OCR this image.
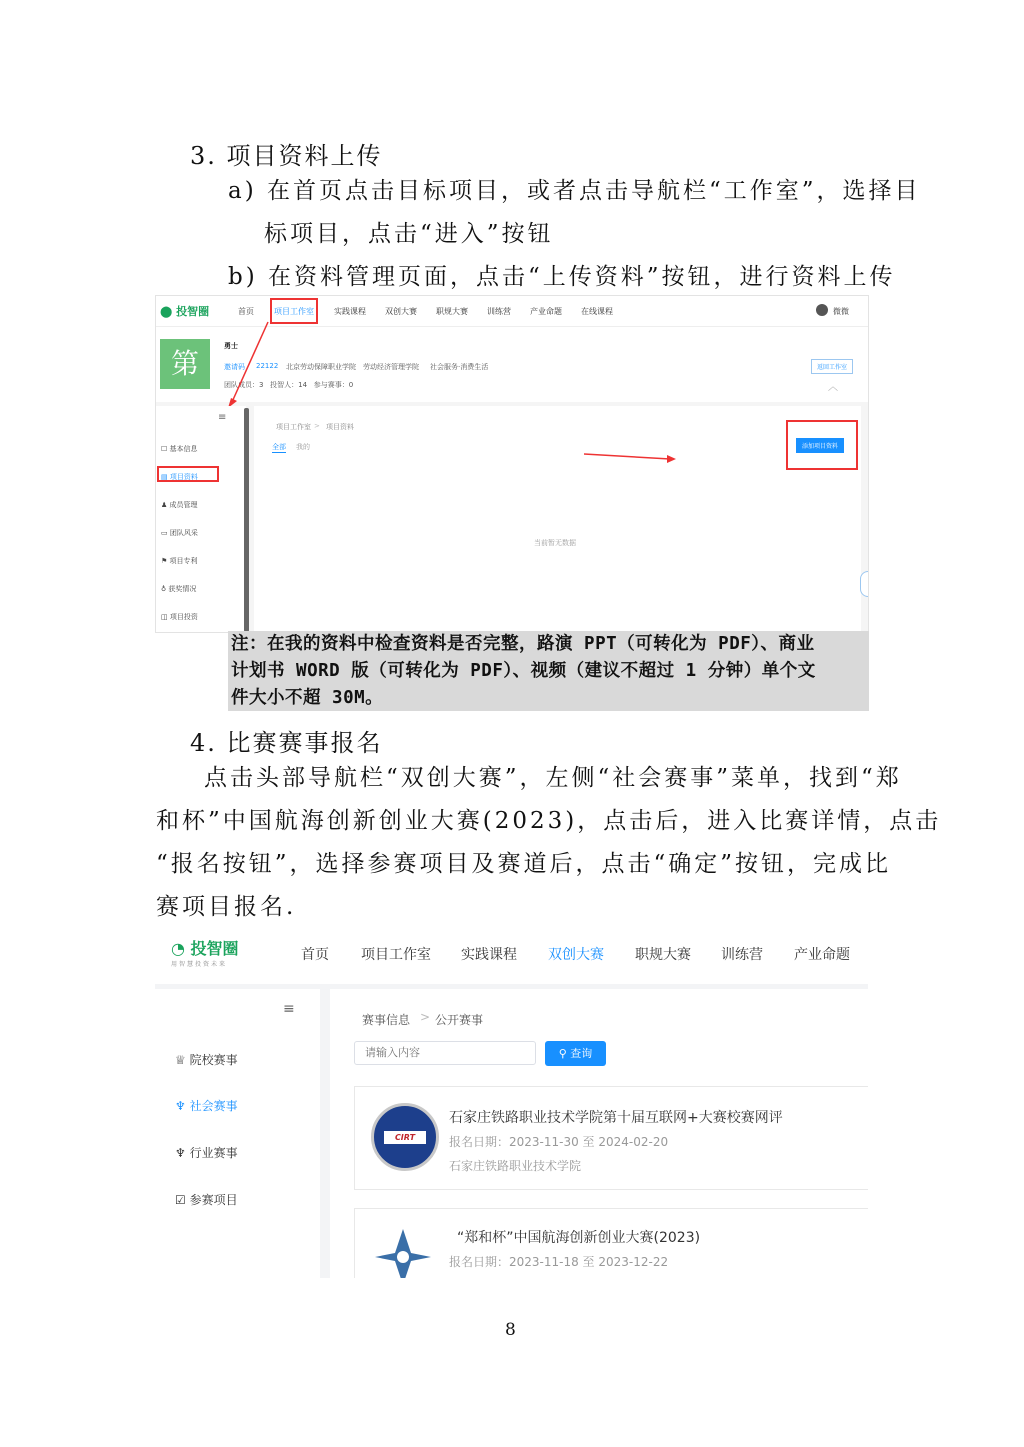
3. 项目资料上传
a) 在首页点击目标项目，或者点击导航栏“工作室”，选择目
标项目，点击“进入”按钮
b) 在资料管理页面，点击“上传资料”按钮，进行资料上传
⬤ 投智圈	首页	项目工作室	实践课程 双创大赛 职规大赛 训练营 产业命题 在线课程	微微
第
勇士
邀请码 22122 北京劳动保障职业学院 劳动经济管理学院 社会服务·消费生活
团队成员：3   投智人：14   参与赛事：0
返回工作室
︿
≡
☐ 基本信息
▤ 项目资料
♟ 成员管理
▭ 团队风采
⚑ 项目专利
♁ 获奖情况
◫ 项目投资
项目工作室 > 项目资料
全部 我的	添加项目资料
当前暂无数据
注：在我的资料中检查资料是否完整，路演 PPT（可转化为 PDF）、商业
计划书 WORD 版（可转化为 PDF）、视频（建议不超过 1 分钟）单个文
件大小不超 30M。
4. 比赛赛事报名
点击头部导航栏“双创大赛”，左侧“社会赛事”菜单，找到“郑
和杯”中国航海创新创业大赛(2023)，点击后，进入比赛详情，点击
“报名按钮”，选择参赛项目及赛道后，点击“确定”按钮，完成比
赛项目报名.
◔ 投智圈
用智慧投资未来
首页 项目工作室 实践课程 双创大赛 职规大赛 训练营 产业命题
≡
♕ 院校赛事
♆ 社会赛事
♆ 行业赛事
☑ 参赛项目
赛事信息 > 公开赛事
请输入内容
⚲ 查询
CIRT
石家庄铁路职业技术学院第十届互联网+大赛校赛网评
报名日期：2023-11-30 至 2024-02-20
石家庄铁路职业技术学院
“郑和杯”中国航海创新创业大赛(2023)
报名日期：2023-11-18 至 2023-12-22
8
